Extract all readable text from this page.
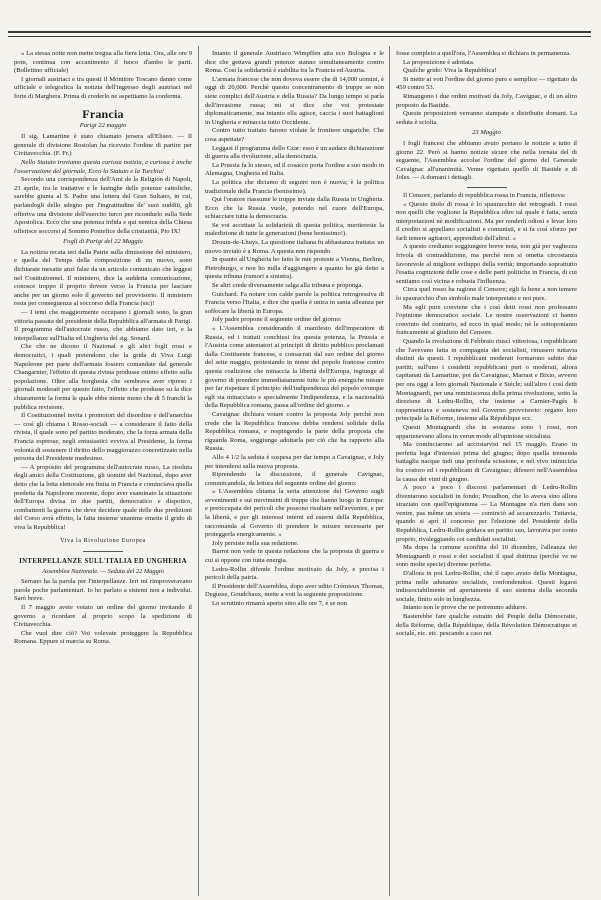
« La stessa notte non mette tregua alla fiera lotta. Ora, alle ore 9 pom, continua con accanimento il fuoco d'ambo le parti. (Bollettino ufficiale)

I giornali austriaci e tra questi il Monitore Toscano danno come ufficiale e telegrafica la notizia dell'ingresso degli austriaci nel forte di Marghera. Prima di crederlo ne aspettiamo la conferma.

Francia
Parigi 22 maggio

Il sig. Lamartine è stato chiamato jersera all'Eliseo. — Il generale di divisione Rostolan ha ricevuto l'ordine di partire per Civitavecchia. (F. Fr.)

Nello Statuto troviamo questa curiosa notizia, e curiosa è anche l'osservazione del giornale, Ecco la Statuto e la Turchia!

Secondo una corrispondenza dell'Ami de la Religion di Napoli, 23 aprile, tra le trattative e le lusinghe delle potenze cattoliche, sarebbe giunta al S. Padre una lettera del Gran Sultano, in cui, parlandogli dello sdegno per l'ingratitudine de' suoi sudditi, gli offeriva una divisione dell'esercito turco per ricondurlo sulla Sede Apostolica. Ecco che una potenza infida e qui nemica della Chiesa offerisce soccorsi al Sommo Pontefice della cristianità, Pio IX!

Fogli di Parigi del 22 Maggio

La notizia recata ieri dalla Patrie sulla dimissione del ministero, e quella del Temps della composizione di un nuovo, sono dichiarate inesatte anzi false da un articolo comunicato che leggesi nel Costitutionnel. Il ministero, dice la suddetta comunicazione, conosce troppo il proprio dovere verso la Francia per lasciare anche per un giorno solo il governo nel provvisorio. Il ministero resta per conseguenza al soccorso della Francia (sic)!

— I temi che maggiormente occupano i giornali sono, la gran vittoria passata del presidente della Repubblica all'armata di Parigi. Il programma dell'autocrate russo, che abbiamo dato ieri, e la interpellanze sull'Italia ed Ungheria del sig. Sonard.

Che che ne dicono il Nazional e gli altri fogli rossi e democratici, i quali pretendono che la grida di Viva Luigi Napoleone per parte dell'armata fossero comandate dal generale Changarnier, l'effetto di questa rivista produsse ottimo effetto sulla popolazione. Oltre alla borghesia che sembrava aver ripreso i giornali moderati per questo fatto, l'effetto che produsse su la dice chiaramente la forma le quale ebbe niente meno che di 5 franchi la pubblica revisione.

Il Costituzionnel invita i promotori del disordine e dell'anarchia — così gli chiama i Rosso-sociali — a considerare il fatto della rivista, il quale sono pel partito moderato, che la forza armata della Francia espresse, negli entusiastici evviva al Presidente, la ferma volontà di sostenere il diritto dello maggiorazzo concretizzato nella persona del Presidente medesimo.

— A proposito del programma dell'autocrate russo, La risoluta degli amici della Costituzione, gli uomini del Nazional, dopo aver detto che la lotta elettorale era finita in Francia e cominciava quella predetta da Napoleone morente, dopo aver esaminato la situazione dell'Europa divisa in due partiti, democratico e dispotico, combattenti la guerra che deve decidere quale delle due predizioni del Corso avrà effetto, la fatta insieme unanime emette il grido di viva la Repubblica!

Viva la Rivoluzione Europea
INTERPELLANZE SULL'ITALIA ED UNGHERIA
Assemblea Nazionale. — Seduta del 22 Maggio

Serrano ha la parola per l'interpellanze. Ieri mi rimproveravano parole poche parlamentari. Io ho parlato a sistemi non a individui. Sarò breve.

Il 7 maggio avete votato un ordine del giorno invitando il governo a ricordare al proprio scopo la spedizione di Civitavecchia.

Che vuol dire ciò? Voi volevate proteggere la Repubblica Romana. Eppure si marcia su Roma.

Intanto il generale Austriaco Wimpffen atta eco Bologna e le dice che gettava grandi potenze stanno simultaneamente contro Roma. Così la solidarietà è stabilita tra la Francia ed Austria.

L'armata francese che non doveva essere che di 14,000 uomini, è oggi di 20,000. Perchè questo concentramento di truppe se non siete complici dell'Austria e della Russia? Da lungo tempo si parla dell'invasione russa; mi si dice che voi protestate diplomaticamente, ma intanto ella agisce, caccia i suoi battaglioni in Ungheria e minaccia tutto Occidente.

Contro tutto trattato furono violate le frontiere ungariche. Che cosa aspettate?

Leggasi il programma dello Czar: esso è un audace dichiarazione di guerra alla rivoluzione, alla democrazia.

La Prussia fa lo stesso, ed il cosacco porta l'ordine a suo modo in Alemagna, Ungheria ed Italia.

La politica che diciamo di seguire non è nuova; è la politica tradizionale della Francia (benissimo).

Qui l'oratore riassume le truppe inviate dalla Russia in Ungheria. Ecco che la Russia vuole, potendo nel cuore dell'Europa, schiacciare tutta la democrazia.

Se voi accettate la solidarietà di questa politica, meritereste la maledizione di tutte le generazioni (bene benissimo!).

Drouin-de-Lhuys. La questione italiana fu abbastanza trattata: un nuovo inviato è a Roma. A questa non rispondo.

In quanto all'Ungheria ho fatto le mie proteste a Vienna, Berlino, Pietroburgo, e non ho nulla d'aggiungere a quanto ho già detto a questa tribuna (rumori a sinistra).

Se altri crede diversamente salga alla tribuna e proponga.

Guichard. Fa notare con calde parole la politica retrogressiva di Francia verso l'Italia, e dice che quella è unica in santa alleanza per soffocare la libertà in Europa.

Joly padre propone il seguente ordine del giorno:

« L'Assemblea considerando il manifesto dell'imperatore di Russia, ed i trattati conchiusi fra questa potenza, la Prussia e l'Austria come attentatori ai principii di diritto pubblico proclamati dalla Costituente francese, e consacrati dal suo ordine del giorno del sette maggio, protestando in nome del popolo francese contro questa coalizione che minaccia la libertà dell'Europa, ingiunge al governo di prendere immediatamente tutte le più energiche misure per far rispettare il principio dell'indipendenza del popolo ovunque egli sia minacciato e specialmente l'indipendenza, e la nazionalità della Repubblica romana, passa all'ordine del giorno. »

Cavaignac dichiara votare contro la proposta Joly perchè non crede che la Repubblica francese debba rendersi solidale della Repubblica romana, e respingendo la parte della proposta che riguarda Roma, soggiunge adottarla per ciò che ha rapporto alla Russia.

Allo 4 1/2 la seduta è sospesa per dar tempo a Cavaignac, e Joly per intendersi sulla nuova proposta.

Riprendendo la discussione, il generale Cavignac, comunicandola, da lettura del seguente ordine del giorno:

« L'Assemblea chiama la seria attenzione del Governo sugli avvenimenti e sui movimenti di truppe che hanno luogo in Europa: e preoccupata dei pericoli che possono risultare nell'avvenire, e per la libertà, e per gli interessi interni ed esterni della Repubblica, raccomanda al Governo di prendere le misure necessarie per proteggerla energicamente. »

Joly persiste nella sua redazione.

Barrot non vede in questa redazione che la proposta di guerra e cui si oppone con tutta energia.

Ledru-Rollin difende l'ordine motivato da Joly, e precisa i pericoli della patria.

Il Presidente dell'Assemblea, dopo aver udito Crémieux Thomas, Degusse, Goudchaux, mette a voti la seguente proposizione.

Lo scrutinio rimarrà aperto sino alle ore 7, e se non

fosse completo a quell'ora, l'Assemblea si dichiara in permanenza.

La proposizione è adottata.

Qualche grido: Viva la Repubblica!

Si mette ai voti l'ordine del giorno puro e semplice — rigettato da 459 contro 53.

Rimangono i due ordini motivati da Joly, Cavignac, e di un altro proposto da Bastide.

Queste proposizioni verranno stampate e distribuite domani. La seduta è sciolta.

23 Maggio

I fogli francesi che abbiamo avuto portano le notizie a tutto il giorno 22. Però si hanno notizie sicure che nella tornata del di seguente, l'Assemblea accolse l'ordine del giorno del Generale Cavaignac all'unanimità. Venne rigettato quello di Bastide e di Joles. — A domani i dettagli.

Il Censore, parlando di repubblica rossa in Francia, riflettova:

« Questo titolo di rossa è lo spauracchio dei retrogradi. I rossi non quelli che vogliono la Repubblica oltre tal quale è fatta, senza interpretazioni nè modificazioni. Ma per renderli odiosi e levar loro il credito si appellano socialisti e comunisti, e si fa così sforzo per farli temere agitatori, apprendisti dell'altrui. »

A questo crediamo soggiungere breve nota, non già per vaghezza frivola di contraddizione, ma perchè non si ometta circostanza favorevole al migliore sviluppo della verità; importando soprattutto l'esatta cognizione delle cose e delle parti politiche in Francia, di cui sentiamo così vicina e robusta l'influenza.

Circa quel rosso ha ragione il Censore; egli fa bene a non temere lo spauracchio d'un simbolo male interpretato e noi pure.

Ma egli pure conviene che i così detti rossi non professano l'opinione democratico sociale. Le nostre osservazioni ci hanno convinto del contrario, ed ecco in qual modo; nè le sottoponiamo francamente al giudizio del Censore.

Quando la rivoluzione di Febbraio riuscì vittoriosa, i repubblicani che l'avevano fatta in compagnia dei socialisti, rimasero tuttavia distinti da questi. I repubblicani moderati formarono subito due partiti; sull'uno i cosidetti repubblicani puri o moderati, aliora capitanati da Lamartine, poi da Cavaignac, Marrast e Bixio, avversi per ora oggi a loro giornali Nazionale e Siécle; sull'altro i così detti Montagnardi, per una reminiscenza della prima rivoluzione, sotto la direzione di Ledru-Rollin, che insieme a Carnier-Pagès li rappresentava e sosteneva nel Governo provvisorio: organo loro principale la Réforme, insieme alla République ecc.

Questi Montagnardi che in sostanza sono i rossi, non appartenevano allora in verun modo all'opinione socialista.

Ma cominciarono ad accostarvisi nel 15 maggio. Erano in perfetta lega d'interessi prima del giugno; dopo quella tremenda battaglia nacque indi una profonda scissione, e nel vivo inimicizia fra costoro ed i repubblicani di Cavaignac; difesero nell'Assemblea la causa dei vinti di giugno.

A poco a poco i discorsi parlamentari di Ledru-Rollin diventarono socialisti in fondo; Proudhon, che lo aveva sino allora straziato con quell'epigramma — La Montagne n'a rien dans son ventre, pas même un souris — cominciò ad accarezzarlo. Tuttavia, quando si aprì il concorso per l'elezione del Presidente della Repubblica, Ledru-Rollin gridava un partito suo, lavorava per conto proprio, rivaleggiando coi candidati socialisti.

Ma dopo la comune sconfitta del 10 dicembre, l'alleanza dei Montagnardi o rossi e dei socialisti il qual dottrina (perchè ve ne sono molte specie) divenne perfetta.

D'allora in poi Ledru-Rollin, chè il capo avuto della Montagna, prima nelle adunanze socialiste, confondendosi. Questi legarsi indissociabilmente ed apertamente il suo sistema della seconda sociale, finito solo in lunghezza.

Intanto non le prove che ne potremmo addurre.

Basterebbe fare qualche estratto del Peuple della Démocratie, della Réforme, della République, della Révolution Démocratique et sociale, etc. etc. pescando a caso nei
